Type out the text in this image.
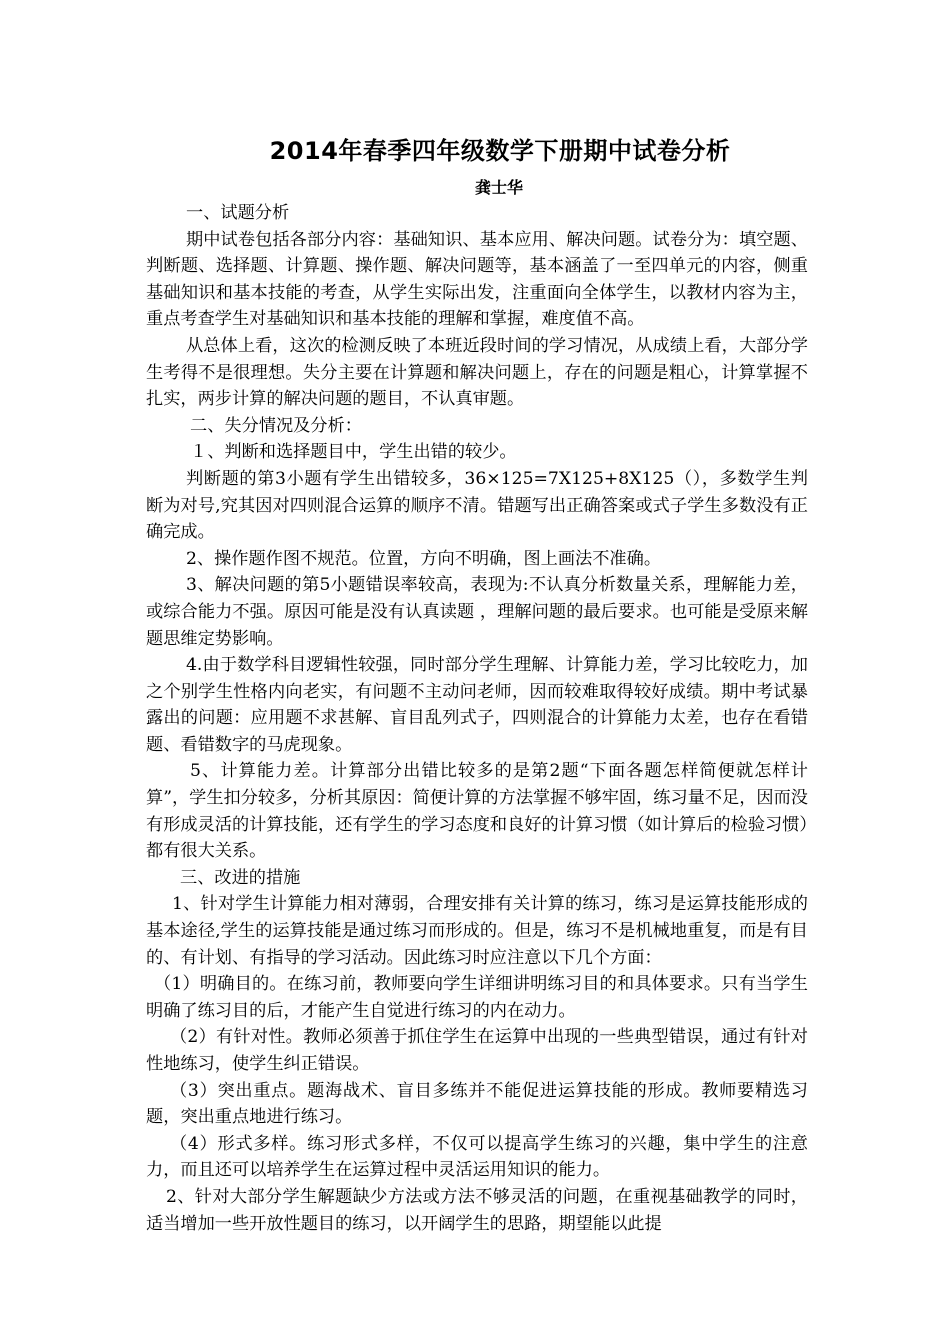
2014年春季四年级数学下册期中试卷分析
龚士华

一、试题分析

期中试卷包括各部分内容：基础知识、基本应用、解决问题。试卷分为：填空题、判断题、选择题、计算题、操作题、解决问题等，基本涵盖了一至四单元的内容，侧重基础知识和基本技能的考查，从学生实际出发，注重面向全体学生，以教材内容为主，重点考查学生对基础知识和基本技能的理解和掌握，难度值不高。

从总体上看，这次的检测反映了本班近段时间的学习情况，从成绩上看，大部分学生考得不是很理想。失分主要在计算题和解决问题上，存在的问题是粗心，计算掌握不扎实，两步计算的解决问题的题目，不认真审题。

二、失分情况及分析：

１、判断和选择题目中，学生出错的较少。

判断题的第3小题有学生出错较多，36×125=7X125+8X125（），多数学生判断为对号,究其因对四则混合运算的顺序不清。错题写出正确答案或式子学生多数没有正确完成。

2、操作题作图不规范。位置，方向不明确，图上画法不准确。

3、解决问题的第5小题错误率较高，表现为:不认真分析数量关系，理解能力差，或综合能力不强。原因可能是没有认真读题 ，理解问题的最后要求。也可能是受原来解题思维定势影响。

4.由于数学科目逻辑性较强，同时部分学生理解、计算能力差，学习比较吃力，加之个别学生性格内向老实，有问题不主动问老师，因而较难取得较好成绩。期中考试暴露出的问题：应用题不求甚解、盲目乱列式子，四则混合的计算能力太差，也存在看错题、看错数字的马虎现象。

5、计算能力差。计算部分出错比较多的是第2题“下面各题怎样简便就怎样计算”，学生扣分较多，分析其原因：简便计算的方法掌握不够牢固，练习量不足，因而没有形成灵活的计算技能，还有学生的学习态度和良好的计算习惯（如计算后的检验习惯）都有很大关系。

三、改进的措施

1、针对学生计算能力相对薄弱，合理安排有关计算的练习，练习是运算技能形成的基本途径,学生的运算技能是通过练习而形成的。但是，练习不是机械地重复，而是有目的、有计划、有指导的学习活动。因此练习时应注意以下几个方面：

（1）明确目的。在练习前，教师要向学生详细讲明练习目的和具体要求。只有当学生明确了练习目的后，才能产生自觉进行练习的内在动力。

（2）有针对性。教师必须善于抓住学生在运算中出现的一些典型错误，通过有针对性地练习，使学生纠正错误。

（3）突出重点。题海战术、盲目多练并不能促进运算技能的形成。教师要精选习题，突出重点地进行练习。

（4）形式多样。练习形式多样，不仅可以提高学生练习的兴趣，集中学生的注意力，而且还可以培养学生在运算过程中灵活运用知识的能力。

2、针对大部分学生解题缺少方法或方法不够灵活的问题，在重视基础教学的同时，适当增加一些开放性题目的练习，以开阔学生的思路，期望能以此提
